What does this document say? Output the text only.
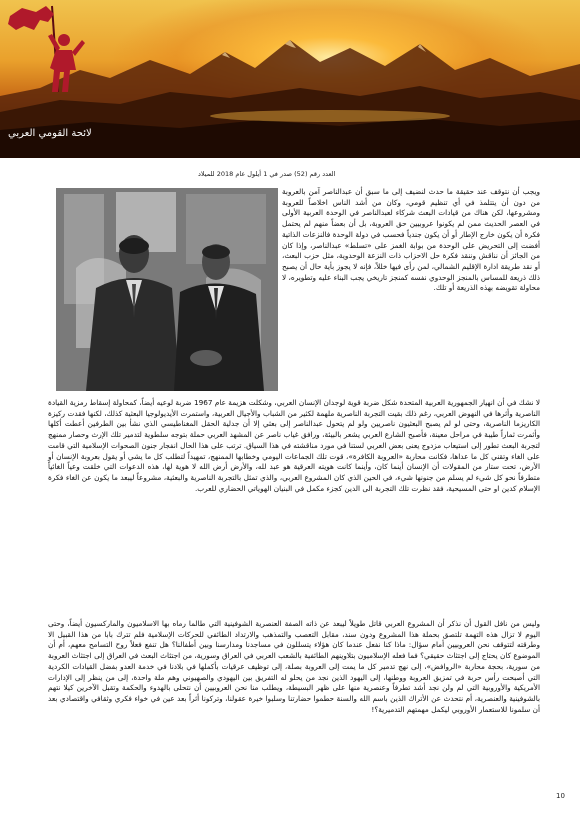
لائحة القومي العربي
العدد رقم (52) صدر في 1 أيلول عام 2018 للميلاد

ويجب أن نتوقف عند حقيقة ما حدث لنضيف إلى ما سبق أن عبدالناصر آمن بالعروبة من دون أن يتتلمذ في أي تنظيم قومي، وكان من أشد الناس اخلاصاً للعروبة ومشروعها، لكن هناك من قيادات البعث شركاء لعبدالناصر في الوحدة العربية الأولى في العصر الحديث ممن لم يكونوا عروبيين حق العروبة، بل أن بعضاً منهم لم يحتمل فكرة أن يكون خارج الإطار أو أن يكون جندياً فحسب في دولة الوحدة فالنزعات الذاتية أفضت إلى التحريض على الوحدة من بوابة الغمز على «تسلط» عبدالناصر، وإذا كان من الجائز أن نناقش وننقد فكرة حل الاحزاب ذات النزعة الوحدوية، مثل حزب البعث، أو نقد طريقة ادارة الإقليم الشمالي، لمن رأى فيها خللاً، فإنه لا يجوز بأية حال أن يصبح ذلك ذريعة للمساس بالمنجز الوحدوي نفسه كمنجز تاريخي يجب البناء عليه وتطويره، لا محاولة تقويضه بهذه الذريعة أو تلك.

لا نشك في أن انهيار الجمهورية العربية المتحدة شكل ضربة قوية لوجدان الإنسان العربي، وشكلت هزيمة عام 1967 ضربة لوعيه أيضاً، كمحاولة إسقاط رمزية القيادة الناصرية وأثرها في النهوض العربي، رغم ذلك بقيت التجربة الناصرية ملهمة لكثير من الشباب والأجيال العربية، واستمرت الأيديولوجيا البعثية كذلك، لكنها فقدت ركيزة الكاريزما الناصرية، وحتى لو لم يصبح البعثيون ناصريين ولو لم يتحول عبدالناصر إلى بعثي إلا أن جدلية الحقل المغناطيسي الذي نشأ بين الطرفين أعطت أكلها وأثمرت ثماراً طيبة في مراحل معينة، فأصبح الشارع العربي يشعر بالبيئة، ورافق غياب ناصر عن المشهد العربي حملة بتوجه سلطوية لتدمير تلك الإرث وحصار ممنهج لتجربة البعث تطور إلى استيعاب مزدوج يعنى بعض العربي لستنا في مورد مناقشته في هذا السياق. ترتب على هذا الحال انفجار جنون الصحوات الإسلامية التي قامت على الغاء وتقني كل ما عداها، فكانت محاربة «العروبة الكافرة»، قوت تلك الجماعات اليومي وخطابها الممنهج، تمهيداً لتطلب كل ما يشي أو يقول بعروبة الإنسان أو الأرض، تحت ستار من المقولات أن الإنسان أينما كان، وأينما كانت هويته العرقية هو عبد لله، والأرض أرض الله لا هوية لها، هذه الدعوات التي خلقت وعياً الغائياً متطرفاً نحو كل شيء لم يسلم من جنونها شيء، في الحين الذي كان المشروع العربي، والذي تمثل بالتجربة الناصرية والبعثية، مشروعاً ليبعد ما يكون عن الغاء فكرة الإسلام كدين او حتى المسيحية، فقد نظرت تلك التجربة الى الدين كجزء مكمل في البنيان الهوياتي الحضاري للعرب.

وليس من نافل القول أن نذكر أن المشروع العربي قاتل طويلاً ليبعد عن ذاته الصفة العنصرية الشوفينية التي طالما رماه بها الاسلاميون والماركسيون أيضاً، وحتى اليوم لا تزال هذه التهمة تلتصق بحملة هذا المشروع ودون سند، مقابل التعصب والتمذهب والارتداد الطائفي للحركات الإسلامية فلم تترك بابا من هذا القبيل الا وطرقته لتتوقف نحن العروبيين أمام سؤال: ماذا كنا نفعل عندما كان هؤلاء يتسللون في مساجدنا ومدارسنا وبين أطفالنا؟ هل تنفع فعلاً روح التسامح معهم، أم أن الموضوع كان يحتاج إلى اجتثاث حقيقي؟ فما فعله الإسلاميون بتلاوينهم الطائفية بالشعب العربي في العراق وسورية، من اجتثاث البعث في العراق إلى اجتثاث العروبة من سورية، بحجة محاربة «الروافض»، إلى نهج تدمير كل ما يمت إلى العروبة بصلة، إلى توظيف عرقيات بأكملها في بلادنا في خدمة العدو بفضل القيادات الكردية التي أصبحت رأس حربة في تمزيق العروبة ووطنها، إلى اليهود الذين نجد من يحلو له التفريق بين اليهودي والصهيوني وهم ملة واحدة، إلى من ينظر إلى الإدارات الأمريكية والأوروبية التي لم ولن نجد أشد تطرفاً وعنصرية منها على ظهر البسيطة، ويطلب منا نحن العروبيين أن نتحلى بالهدوء والحكمة وتقبل الآخرين كيلا نتهم بالشوفينية والعنصرية، أم نتحدث عن الأتراك الذين باسم الله والسنة حطموا حضارتنا وسلبوا خيرة عقولنا، وتركونا أثراً بعد عين في خواء فكري وثقافي واقتصادي بعد أن سلمونا للاستعمار الأوروبي ليكمل مهمتهم التدميرية؟!

10
